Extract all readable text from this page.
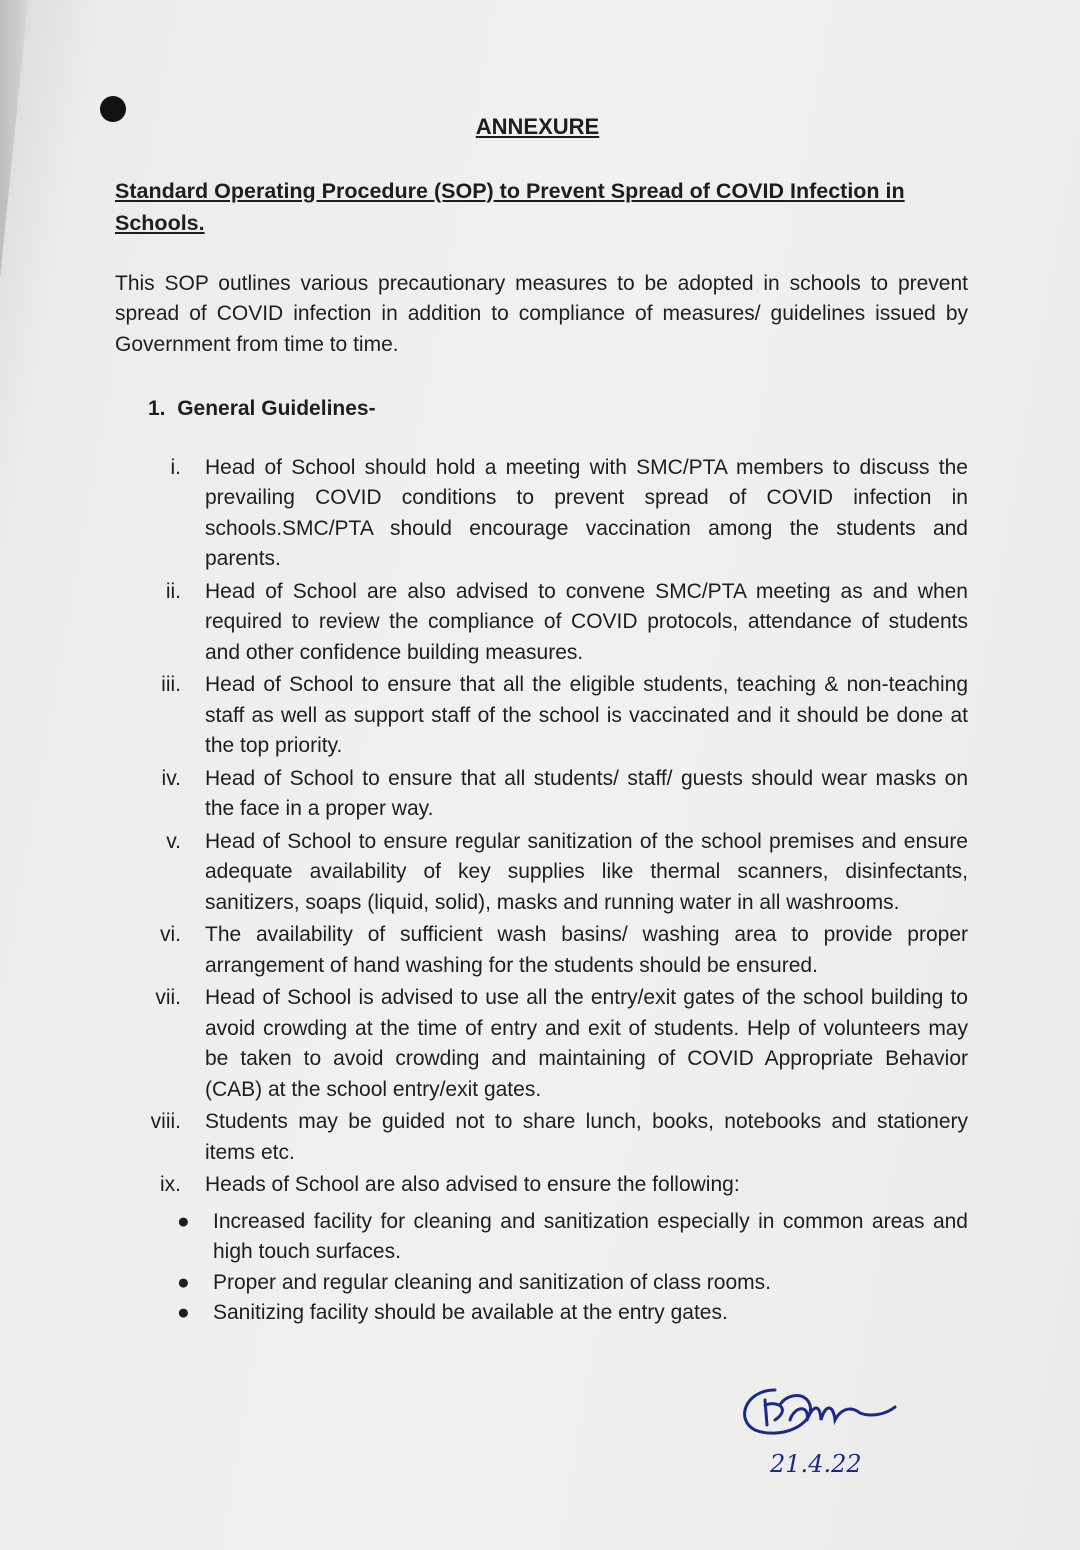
ANNEXURE
Standard Operating Procedure (SOP) to Prevent Spread of COVID Infection in Schools.
This SOP outlines various precautionary measures to be adopted in schools to prevent spread of COVID infection in addition to compliance of measures/ guidelines issued by Government from time to time.
1. General Guidelines-
i. Head of School should hold a meeting with SMC/PTA members to discuss the prevailing COVID conditions to prevent spread of COVID infection in schools.SMC/PTA should encourage vaccination among the students and parents.
ii. Head of School are also advised to convene SMC/PTA meeting as and when required to review the compliance of COVID protocols, attendance of students and other confidence building measures.
iii. Head of School to ensure that all the eligible students, teaching & non-teaching staff as well as support staff of the school is vaccinated and it should be done at the top priority.
iv. Head of School to ensure that all students/ staff/ guests should wear masks on the face in a proper way.
v. Head of School to ensure regular sanitization of the school premises and ensure adequate availability of key supplies like thermal scanners, disinfectants, sanitizers, soaps (liquid, solid), masks and running water in all washrooms.
vi. The availability of sufficient wash basins/ washing area to provide proper arrangement of hand washing for the students should be ensured.
vii. Head of School is advised to use all the entry/exit gates of the school building to avoid crowding at the time of entry and exit of students. Help of volunteers may be taken to avoid crowding and maintaining of COVID Appropriate Behavior (CAB) at the school entry/exit gates.
viii. Students may be guided not to share lunch, books, notebooks and stationery items etc.
ix. Heads of School are also advised to ensure the following:
● Increased facility for cleaning and sanitization especially in common areas and high touch surfaces.
● Proper and regular cleaning and sanitization of class rooms.
● Sanitizing facility should be available at the entry gates.
21.4.22
